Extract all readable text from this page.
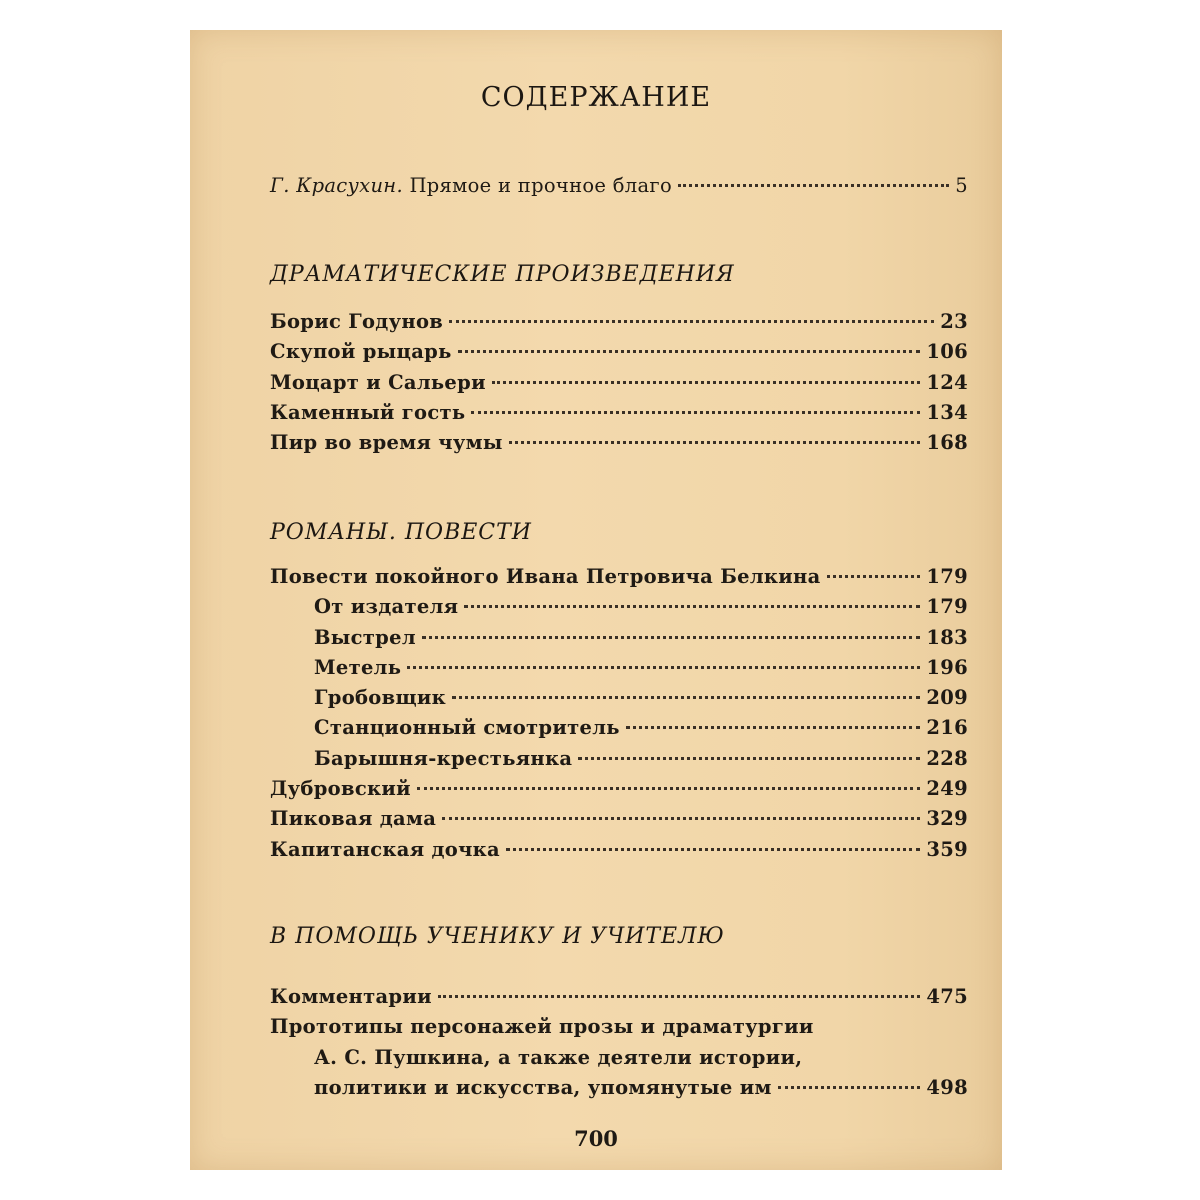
СОДЕРЖАНИЕ
Г. Красухин. Прямое и прочное благо	5
ДРАМАТИЧЕСКИЕ ПРОИЗВЕДЕНИЯ
Борис Годунов	23
Скупой рыцарь	106
Моцарт и Сальери	124
Каменный гость	134
Пир во время чумы	168
РОМАНЫ. ПОВЕСТИ
Повести покойного Ивана Петровича Белкина	179
От издателя	179
Выстрел	183
Метель	196
Гробовщик	209
Станционный смотритель	216
Барышня-крестьянка	228
Дубровский	249
Пиковая дама	329
Капитанская дочка	359
В ПОМОЩЬ УЧЕНИКУ И УЧИТЕЛЮ
Комментарии	475
Прототипы персонажей прозы и драматургии
А. С. Пушкина, а также деятели истории,
политики и искусства, упомянутые им	498
700
